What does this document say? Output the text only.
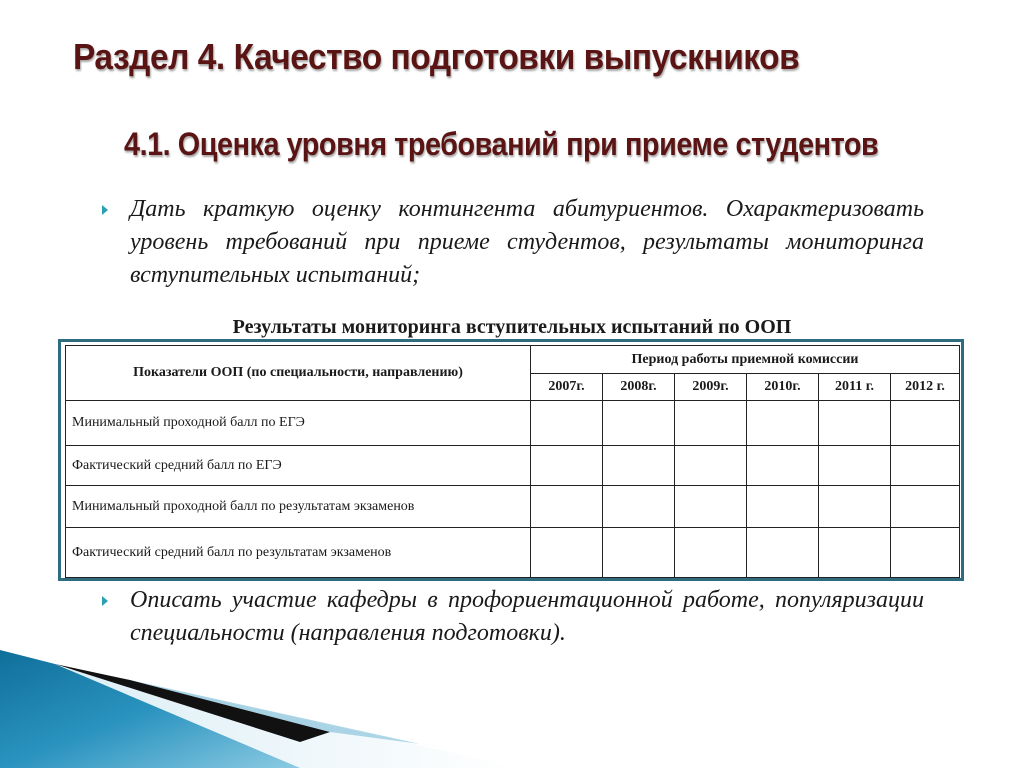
Раздел 4. Качество подготовки выпускников
4.1. Оценка уровня требований при приеме студентов
Дать краткую оценку контингента абитуриентов. Охарактеризовать уровень требований при приеме студентов, результаты мониторинга вступительных испытаний;
Результаты мониторинга вступительных испытаний по ООП
Показатели ООП (по специальности, направлению)	Период работы приемной комиссии					
	2007г.	2008г.	2009г.	2010г.	2011 г.	2012 г.
Минимальный проходной балл по ЕГЭ						
Фактический средний балл по ЕГЭ						
Минимальный проходной балл по результатам экзаменов						
Фактический средний балл по результатам экзаменов						
Описать участие кафедры в профориентационной работе, популяризации специальности (направления подготовки).
